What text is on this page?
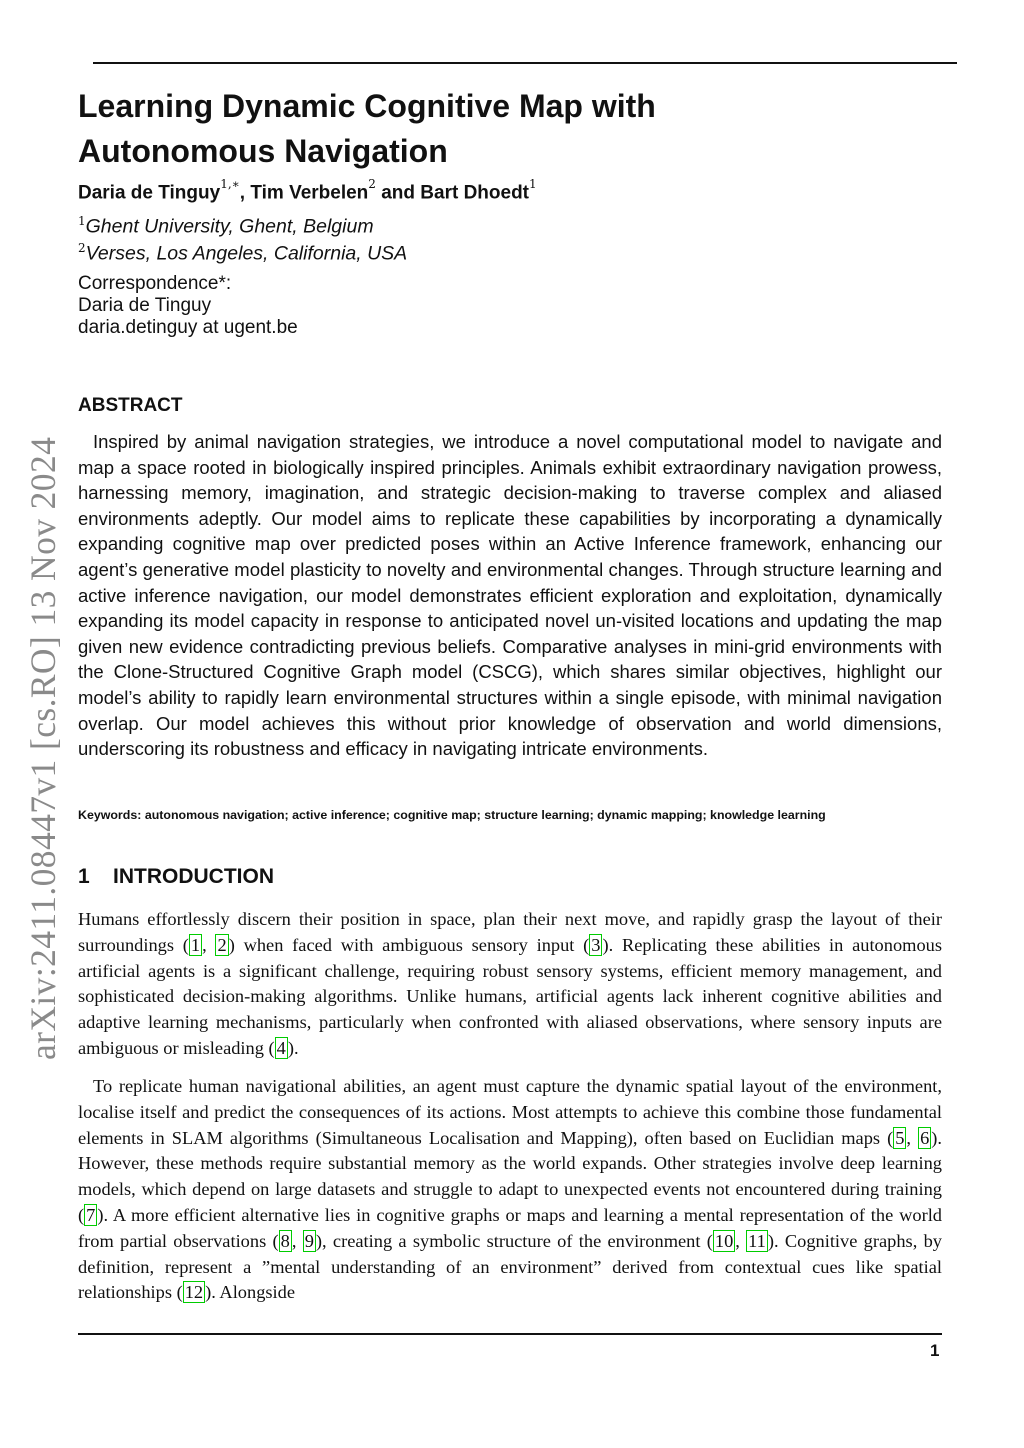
Learning Dynamic Cognitive Map with Autonomous Navigation
Daria de Tinguy$^{1,∗}$, Tim Verbelen$^2$ and Bart Dhoedt$^1$
$^1$Ghent University, Ghent, Belgium
$^2$Verses, Los Angeles, California, USA
Correspondence*:
Daria de Tinguy
daria.detinguy at ugent.be
ABSTRACT

Inspired by animal navigation strategies, we introduce a novel computational model to navigate and map a space rooted in biologically inspired principles. Animals exhibit extraordinary navigation prowess, harnessing memory, imagination, and strategic decision-making to traverse complex and aliased environments adeptly. Our model aims to replicate these capabilities by incorporating a dynamically expanding cognitive map over predicted poses within an Active Inference framework, enhancing our agent’s generative model plasticity to novelty and environmental changes. Through structure learning and active inference navigation, our model demonstrates efficient exploration and exploitation, dynamically expanding its model capacity in response to anticipated novel un-visited locations and updating the map given new evidence contradicting previous beliefs. Comparative analyses in mini-grid environments with the Clone-Structured Cognitive Graph model (CSCG), which shares similar objectives, highlight our model’s ability to rapidly learn environmental structures within a single episode, with minimal navigation overlap. Our model achieves this without prior knowledge of observation and world dimensions, underscoring its robustness and efficacy in navigating intricate environments.

Keywords: autonomous navigation; active inference; cognitive map; structure learning; dynamic mapping; knowledge learning
1 INTRODUCTION

Humans effortlessly discern their position in space, plan their next move, and rapidly grasp the layout of their surroundings ( 1 , 2 ) when faced with ambiguous sensory input ( 3 ). Replicating these abilities in autonomous artificial agents is a significant challenge, requiring robust sensory systems, efficient memory management, and sophisticated decision-making algorithms. Unlike humans, artificial agents lack inherent cognitive abilities and adaptive learning mechanisms, particularly when confronted with aliased observations, where sensory inputs are ambiguous or misleading ( 4 ).

To replicate human navigational abilities, an agent must capture the dynamic spatial layout of the environment, localise itself and predict the consequences of its actions. Most attempts to achieve this combine those fundamental elements in SLAM algorithms (Simultaneous Localisation and Mapping), often based on Euclidian maps ( 5 , 6 ). However, these methods require substantial memory as the world expands. Other strategies involve deep learning models, which depend on large datasets and struggle to adapt to unexpected events not encountered during training ( 7 ). A more efficient alternative lies in cognitive graphs or maps and learning a mental representation of the world from partial observations ( 8 , 9 ), creating a symbolic structure of the environment ( 10 , 11 ). Cognitive graphs, by definition, represent a ”mental understanding of an environment” derived from contextual cues like spatial relationships ( 12 ). Alongside

arXiv:2411.08447v1 [cs.RO] 13 Nov 2024
1
